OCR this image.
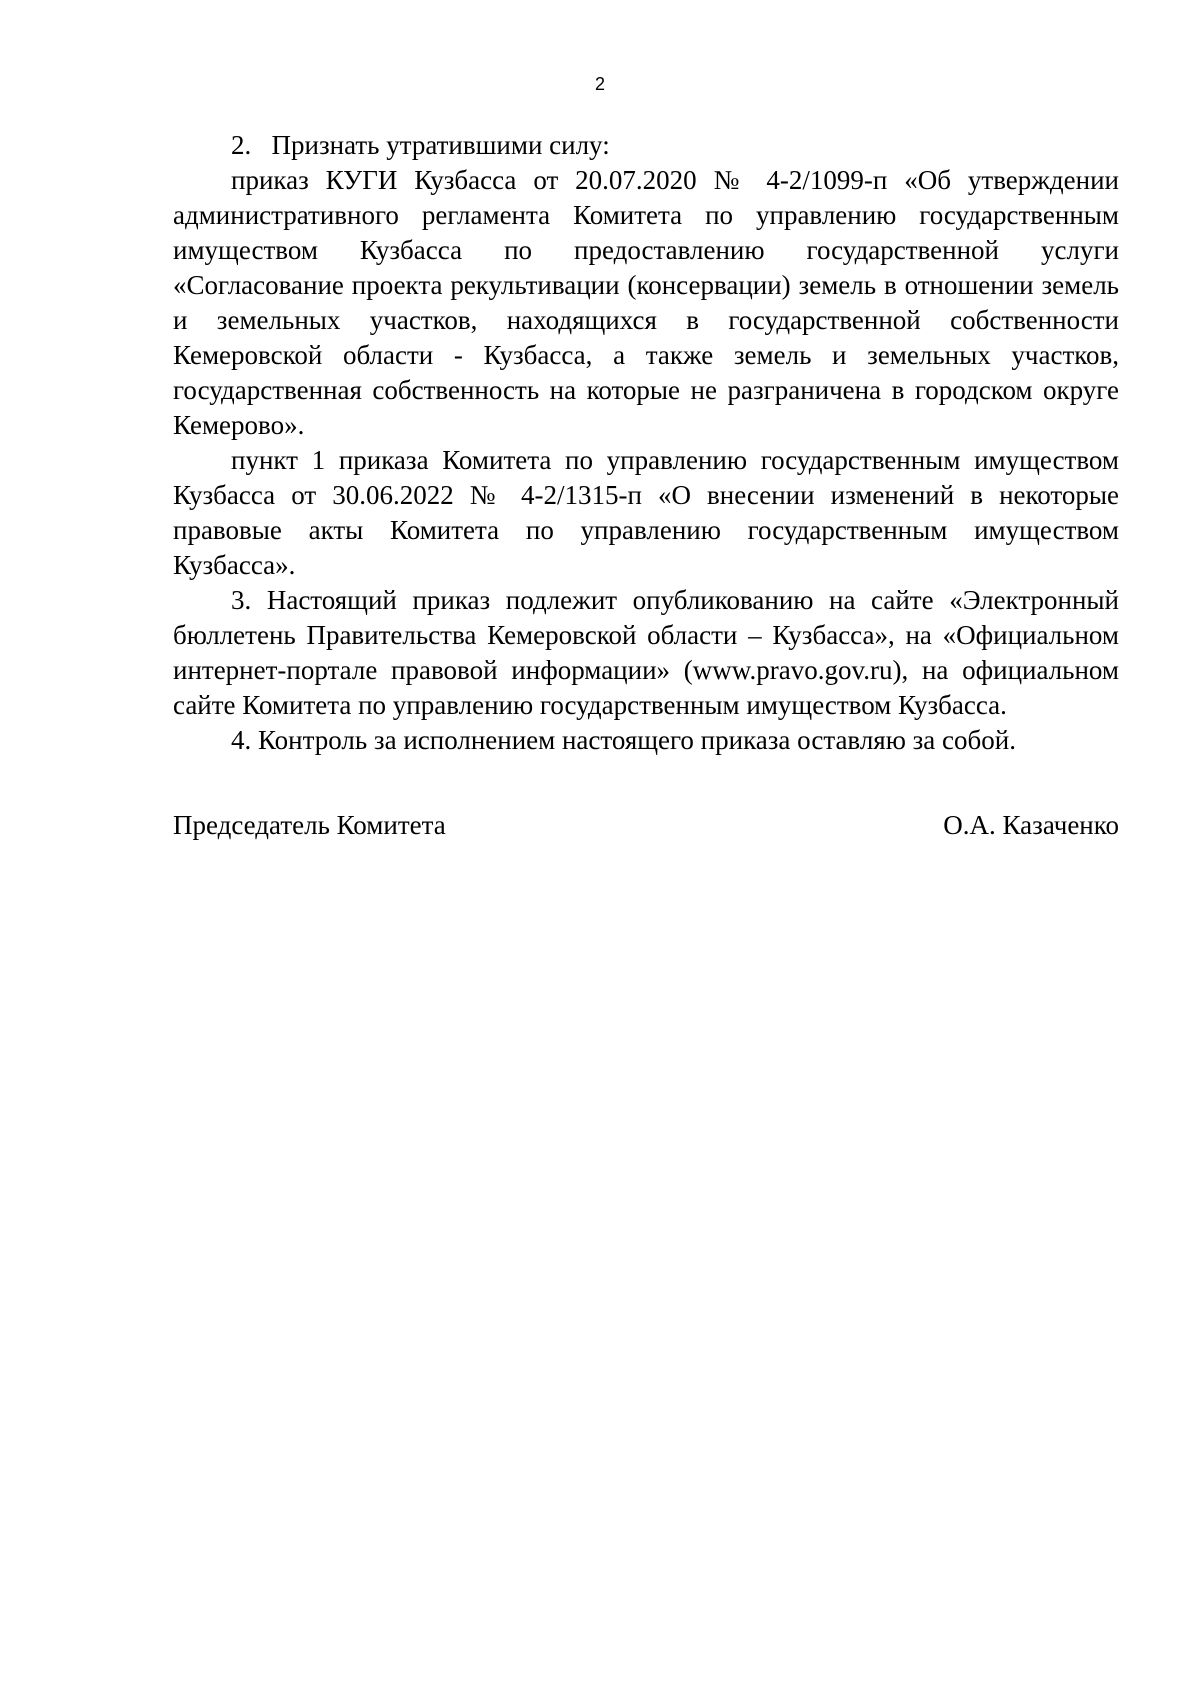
2

2.   Признать утратившими силу:

приказ КУГИ Кузбасса от 20.07.2020 № 4-2/1099-п «Об утверждении административного регламента Комитета по управлению государственным имуществом Кузбасса по предоставлению государственной услуги «Согласование проекта рекультивации (консервации) земель в отношении земель и земельных участков, находящихся в государственной собственности Кемеровской области - Кузбасса, а также земель и земельных участков, государственная собственность на которые не разграничена в городском округе Кемерово».

пункт 1 приказа Комитета по управлению государственным имуществом Кузбасса от 30.06.2022 № 4-2/1315-п «О внесении изменений в некоторые правовые акты Комитета по управлению государственным имуществом Кузбасса».

3. Настоящий приказ подлежит опубликованию на сайте «Электронный бюллетень Правительства Кемеровской области – Кузбасса», на «Официальном интернет-портале правовой информации» (www.pravo.gov.ru), на официальном сайте Комитета по управлению государственным имуществом Кузбасса.

4. Контроль за исполнением настоящего приказа оставляю за собой.

Председатель Комитета	О.А. Казаченко
